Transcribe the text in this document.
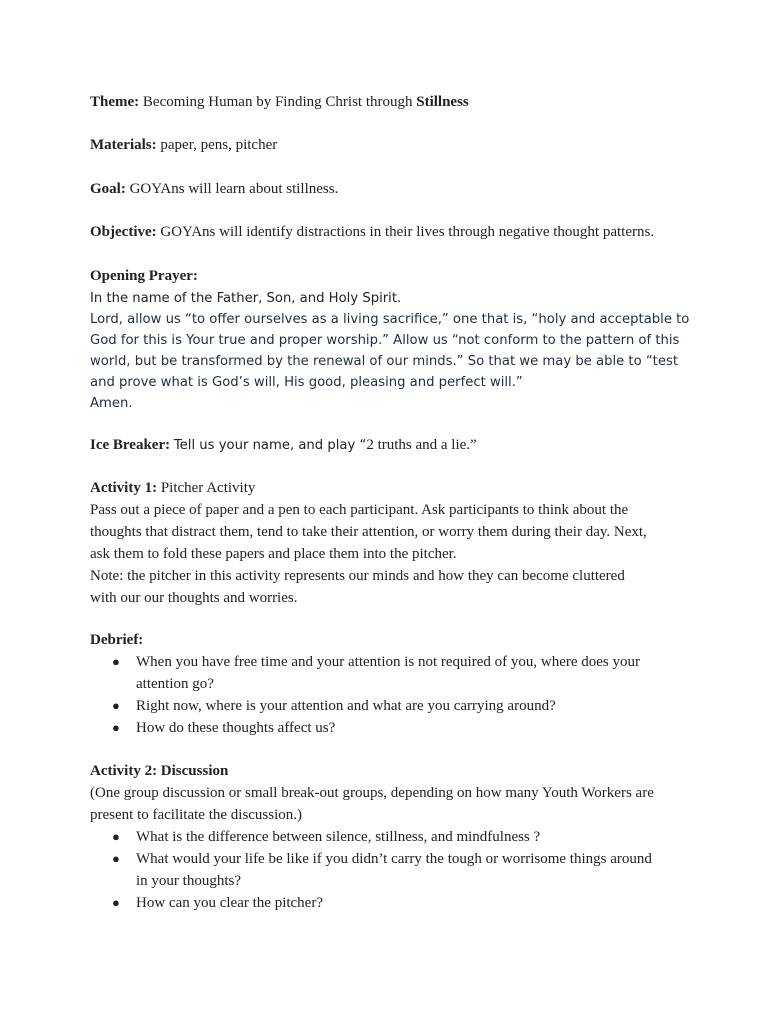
Theme: Becoming Human by Finding Christ through Stillness
Materials: paper, pens, pitcher
Goal: GOYAns will learn about stillness.
Objective: GOYAns will identify distractions in their lives through negative thought patterns.
Opening Prayer:
In the name of the Father, Son, and Holy Spirit.
Lord, allow us “to offer ourselves as a living sacrifice,” one that is, “holy and acceptable to
God for this is Your true and proper worship.” Allow us “not conform to the pattern of this
world, but be transformed by the renewal of our minds.” So that we may be able to “test
and prove what is God’s will, His good, pleasing and perfect will.”
Amen.
Ice Breaker: Tell us your name, and play “2 truths and a lie.”
Activity 1: Pitcher Activity
Pass out a piece of paper and a pen to each participant. Ask participants to think about the
thoughts that distract them, tend to take their attention, or worry them during their day. Next,
ask them to fold these papers and place them into the pitcher.
Note: the pitcher in this activity represents our minds and how they can become cluttered
with our our thoughts and worries.
Debrief:
● When you have free time and your attention is not required of you, where does your
attention go?
● Right now, where is your attention and what are you carrying around?
● How do these thoughts affect us?
Activity 2: Discussion
(One group discussion or small break-out groups, depending on how many Youth Workers are
present to facilitate the discussion.)
● What is the difference between silence, stillness, and mindfulness ?
● What would your life be like if you didn’t carry the tough or worrisome things around
in your thoughts?
● How can you clear the pitcher?
